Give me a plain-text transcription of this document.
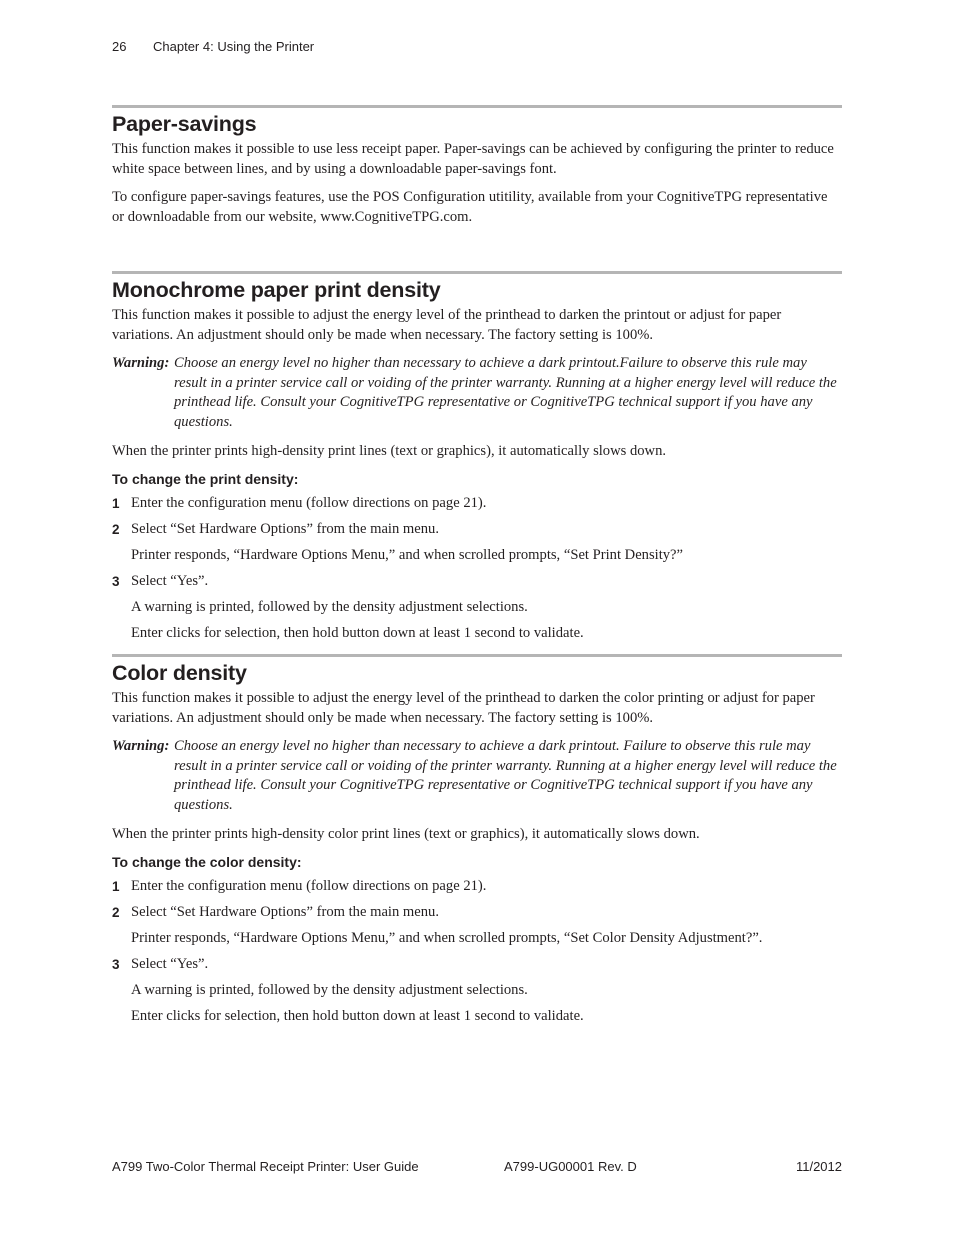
26 Chapter 4: Using the Printer
Paper-savings

This function makes it possible to use less receipt paper. Paper-savings can be achieved by configuring the printer to reduce white space between lines, and by using a downloadable paper-savings font.

To configure paper-savings features, use the POS Configuration utitility, available from your CognitiveTPG representative or downloadable from our website, www.CognitiveTPG.com.

Monochrome paper print density

This function makes it possible to adjust the energy level of the printhead to darken the printout or adjust for paper variations. An adjustment should only be made when necessary. The factory setting is 100%.

Warning: Choose an energy level no higher than necessary to achieve a dark printout.Failure to observe this rule may result in a printer service call or voiding of the printer warranty. Running at a higher energy level will reduce the printhead life. Consult your CognitiveTPG representative or CognitiveTPG technical support if you have any questions.

When the printer prints high-density print lines (text or graphics), it automatically slows down.

To change the print density:
1 Enter the configuration menu (follow directions on page 21).
2 Select “Set Hardware Options” from the main menu.
Printer responds, “Hardware Options Menu,” and when scrolled prompts, “Set Print Density?”
3 Select “Yes”.
A warning is printed, followed by the density adjustment selections.
Enter clicks for selection, then hold button down at least 1 second to validate.
Color density

This function makes it possible to adjust the energy level of the printhead to darken the color printing or adjust for paper variations. An adjustment should only be made when necessary. The factory setting is 100%.

Warning: Choose an energy level no higher than necessary to achieve a dark printout. Failure to observe this rule may result in a printer service call or voiding of the printer warranty. Running at a higher energy level will reduce the printhead life. Consult your CognitiveTPG representative or CognitiveTPG technical support if you have any questions.

When the printer prints high-density color print lines (text or graphics), it automatically slows down.

To change the color density:
1 Enter the configuration menu (follow directions on page 21).
2 Select “Set Hardware Options” from the main menu.
Printer responds, “Hardware Options Menu,” and when scrolled prompts, “Set Color Density Adjustment?”.
3 Select “Yes”.
A warning is printed, followed by the density adjustment selections.
Enter clicks for selection, then hold button down at least 1 second to validate.
A799 Two-Color Thermal Receipt Printer: User Guide	A799-UG00001 Rev. D	11/2012
